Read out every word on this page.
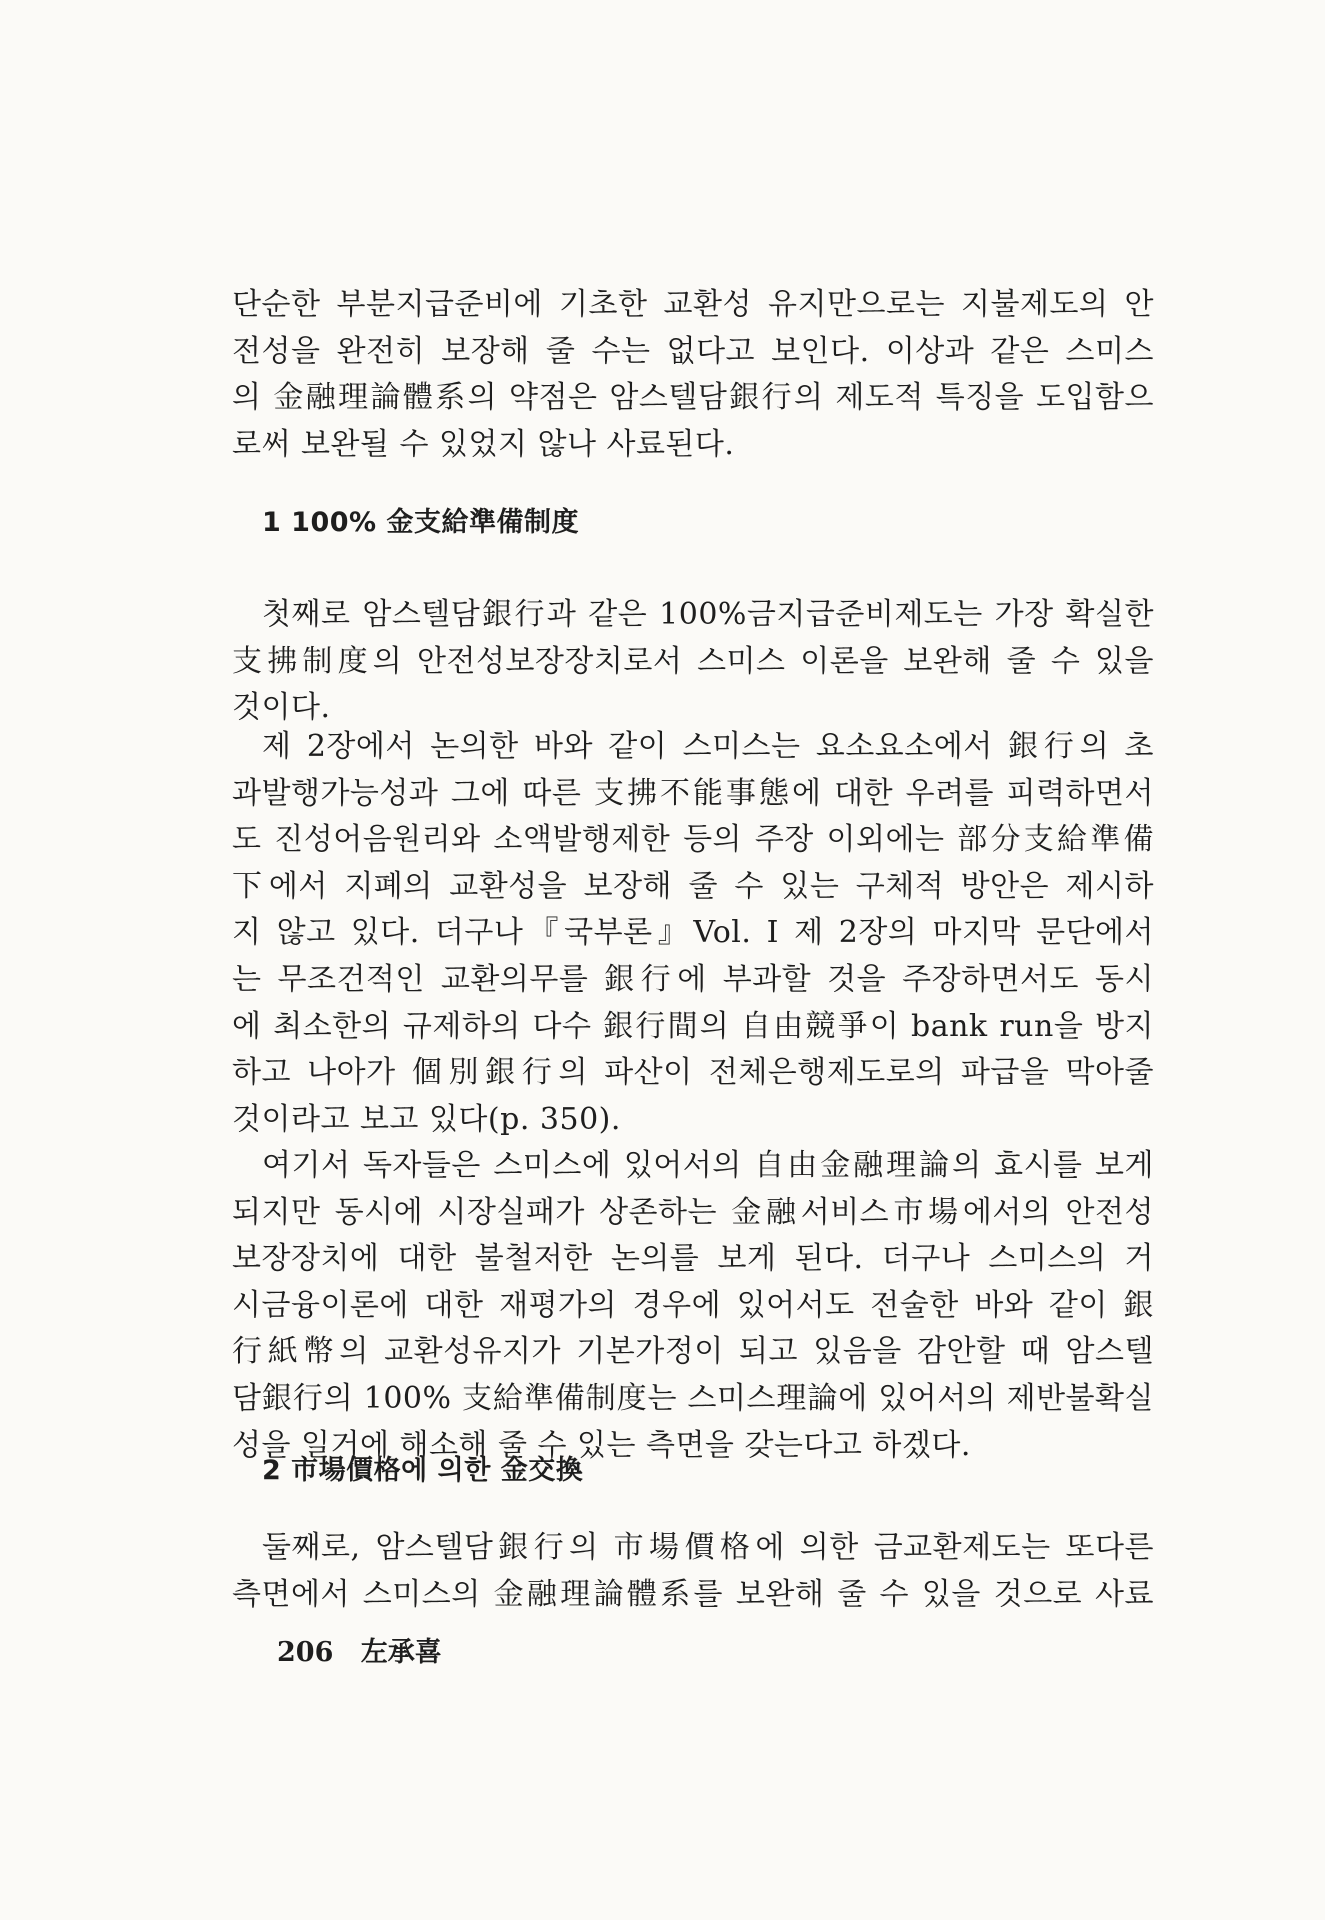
단순한 부분지급준비에 기초한 교환성 유지만으로는 지불제도의 안
전성을 완전히 보장해 줄 수는 없다고 보인다. 이상과 같은 스미스
의 金融理論體系의 약점은 암스텔담銀行의 제도적 특징을 도입함으
로써 보완될 수 있었지 않나 사료된다.
1 100% 金支給準備制度
첫째로 암스텔담銀行과 같은 100%금지급준비제도는 가장 확실한
支拂制度의 안전성보장장치로서 스미스 이론을 보완해 줄 수 있을
것이다.
제 2장에서 논의한 바와 같이 스미스는 요소요소에서 銀行의 초
과발행가능성과 그에 따른 支拂不能事態에 대한 우려를 피력하면서
도 진성어음원리와 소액발행제한 등의 주장 이외에는 部分支給準備
下에서 지폐의 교환성을 보장해 줄 수 있는 구체적 방안은 제시하
지 않고 있다. 더구나『국부론』Vol. I 제 2장의 마지막 문단에서
는 무조건적인 교환의무를 銀行에 부과할 것을 주장하면서도 동시
에 최소한의 규제하의 다수 銀行間의 自由競爭이 bank run을 방지
하고 나아가 個別銀行의 파산이 전체은행제도로의 파급을 막아줄
것이라고 보고 있다(p. 350).
여기서 독자들은 스미스에 있어서의 自由金融理論의 효시를 보게
되지만 동시에 시장실패가 상존하는 金融서비스市場에서의 안전성
보장장치에 대한 불철저한 논의를 보게 된다. 더구나 스미스의 거
시금융이론에 대한 재평가의 경우에 있어서도 전술한 바와 같이 銀
行紙幣의 교환성유지가 기본가정이 되고 있음을 감안할 때 암스텔
담銀行의 100% 支給準備制度는 스미스理論에 있어서의 제반불확실
성을 일거에 해소해 줄 수 있는 측면을 갖는다고 하겠다.
2 市場價格에 의한 金交換
둘째로, 암스텔담銀行의 市場價格에 의한 금교환제도는 또다른
측면에서 스미스의 金融理論體系를 보완해 줄 수 있을 것으로 사료
206 左承喜
